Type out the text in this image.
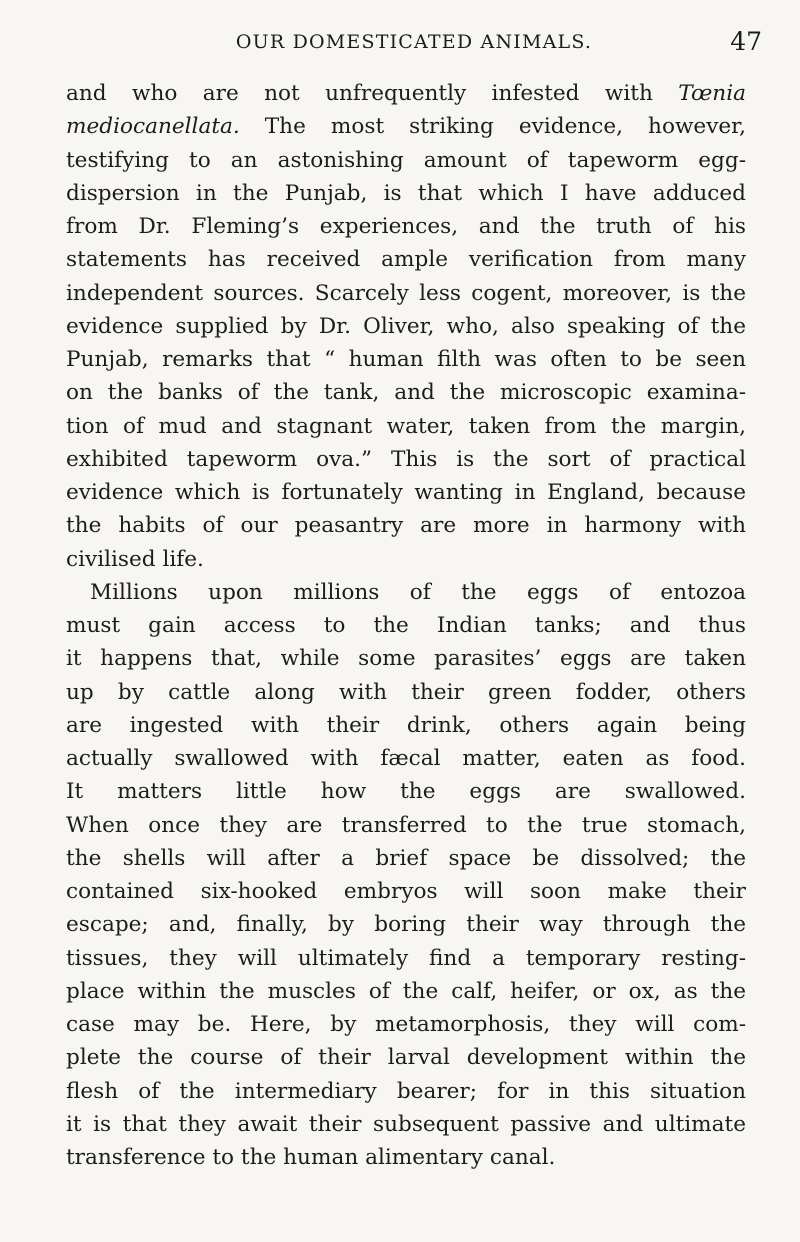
OUR DOMESTICATED ANIMALS.	47
and who are not unfrequently infested with Tœnia
mediocanellata. The most striking evidence, however,
testifying to an astonishing amount of tapeworm egg-
dispersion in the Punjab, is that which I have adduced
from Dr. Fleming’s experiences, and the truth of his
statements has received ample verification from many
independent sources. Scarcely less cogent, moreover, is the
evidence supplied by Dr. Oliver, who, also speaking of the
Punjab, remarks that “ human filth was often to be seen
on the banks of the tank, and the microscopic examina-
tion of mud and stagnant water, taken from the margin,
exhibited tapeworm ova.” This is the sort of practical
evidence which is fortunately wanting in England, because
the habits of our peasantry are more in harmony with
civilised life.
Millions upon millions of the eggs of entozoa
must gain access to the Indian tanks; and thus
it happens that, while some parasites’ eggs are taken
up by cattle along with their green fodder, others
are ingested with their drink, others again being
actually swallowed with fæcal matter, eaten as food.
It matters little how the eggs are swallowed.
When once they are transferred to the true stomach,
the shells will after a brief space be dissolved; the
contained six-hooked embryos will soon make their
escape; and, finally, by boring their way through the
tissues, they will ultimately find a temporary resting-
place within the muscles of the calf, heifer, or ox, as the
case may be. Here, by metamorphosis, they will com-
plete the course of their larval development within the
flesh of the intermediary bearer; for in this situation
it is that they await their subsequent passive and ultimate
transference to the human alimentary canal.
